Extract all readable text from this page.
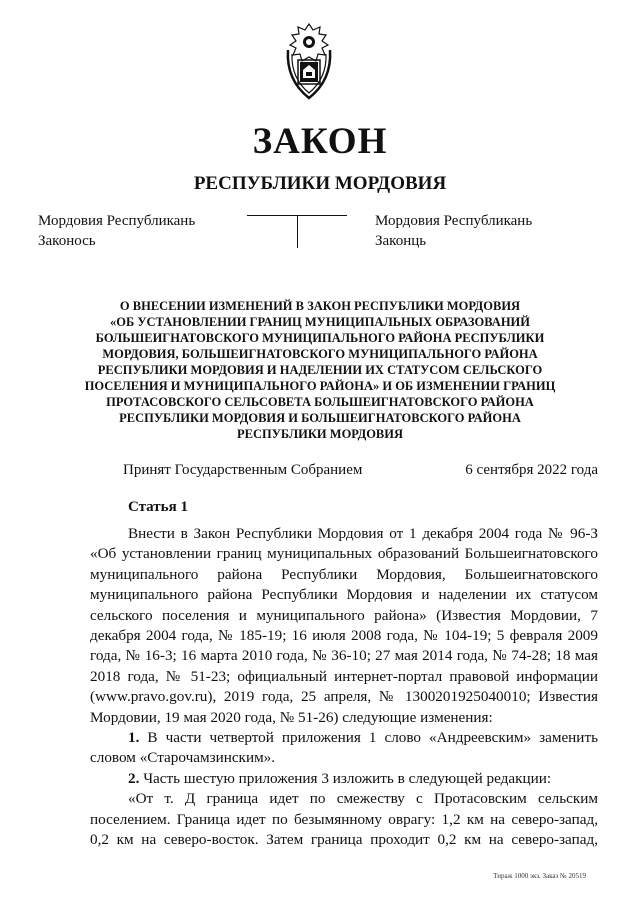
ЗАКОН
РЕСПУБЛИКИ МОРДОВИЯ
Мордовия Республикань
Законось
Мордовия Республикань
Законць
О ВНЕСЕНИИ ИЗМЕНЕНИЙ В ЗАКОН РЕСПУБЛИКИ МОРДОВИЯ
«ОБ УСТАНОВЛЕНИИ ГРАНИЦ МУНИЦИПАЛЬНЫХ ОБРАЗОВАНИЙ
БОЛЬШЕИГНАТОВСКОГО МУНИЦИПАЛЬНОГО РАЙОНА РЕСПУБЛИКИ
МОРДОВИЯ, БОЛЬШЕИГНАТОВСКОГО МУНИЦИПАЛЬНОГО РАЙОНА
РЕСПУБЛИКИ МОРДОВИЯ И НАДЕЛЕНИИ ИХ СТАТУСОМ СЕЛЬСКОГО
ПОСЕЛЕНИЯ И МУНИЦИПАЛЬНОГО РАЙОНА» И ОБ ИЗМЕНЕНИИ ГРАНИЦ
ПРОТАСОВСКОГО СЕЛЬСОВЕТА БОЛЬШЕИГНАТОВСКОГО РАЙОНА
РЕСПУБЛИКИ МОРДОВИЯ И БОЛЬШЕИГНАТОВСКОГО РАЙОНА
РЕСПУБЛИКИ МОРДОВИЯ
Принят Государственным Собранием	6 сентября 2022 года
Статья 1

Внести в Закон Республики Мордовия от 1 декабря 2004 года № 96-З «Об установлении границ муниципальных образований Большеигнатовского муниципального района Республики Мордовия, Большеигнатовского муниципального района Республики Мордовия и наделении их статусом сельского поселения и муниципального района» (Известия Мордовии, 7 декабря 2004 года, № 185-19; 16 июля 2008 года, № 104-19; 5 февраля 2009 года, № 16-3; 16 марта 2010 года, № 36-10; 27 мая 2014 года, № 74-28; 18 мая 2018 года, № 51-23; официальный интернет-портал правовой информации (www.pravo.gov.ru), 2019 года, 25 апреля, № 1300201925040010; Известия Мордовии, 19 мая 2020 года, № 51-26) следующие изменения:

1. В части четвертой приложения 1 слово «Андреевским» заменить словом «Старочамзинским».

2. Часть шестую приложения 3 изложить в следующей редакции:

«От т. Д граница идет по смежеству с Протасовским сельским поселением. Граница идет по безымянному оврагу: 1,2 км на северо-запад, 0,2 км на северо-восток. Затем граница проходит 0,2 км на северо-запад,

Тираж 1000 экз. Заказ № 20519
